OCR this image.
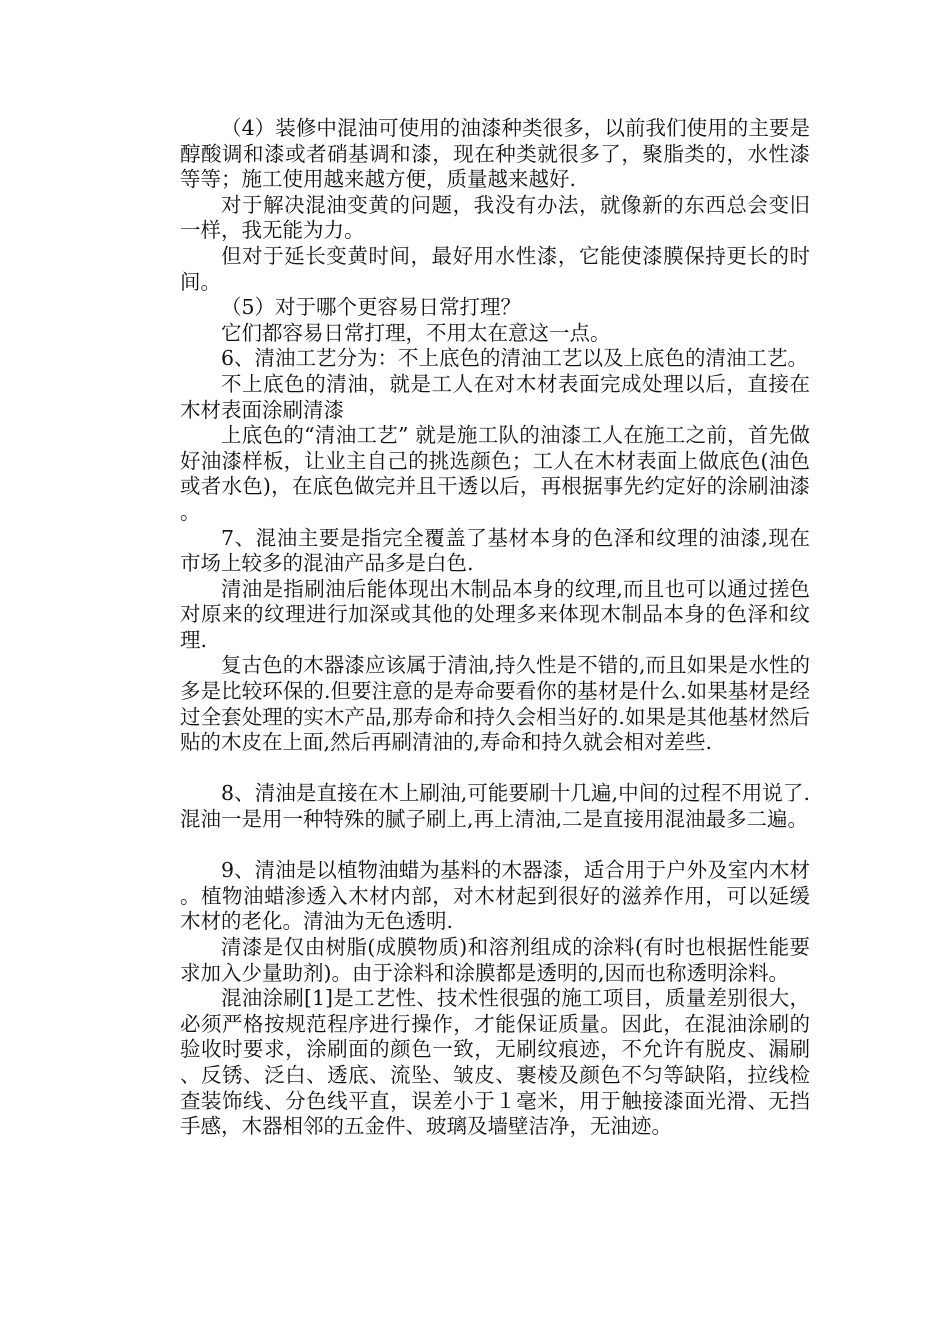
（4）装修中混油可使用的油漆种类很多，以前我们使用的主要是醇酸调和漆或者硝基调和漆，现在种类就很多了，聚脂类的，水性漆等等；施工使用越来越方便，质量越来越好.

对于解决混油变黄的问题，我没有办法，就像新的东西总会变旧一样，我无能为力。

但对于延长变黄时间，最好用水性漆，它能使漆膜保持更长的时间。

（5）对于哪个更容易日常打理？

它们都容易日常打理，不用太在意这一点。

6、清油工艺分为：不上底色的清油工艺以及上底色的清油工艺。

不上底色的清油，就是工人在对木材表面完成处理以后，直接在木材表面涂刷清漆

上底色的“清油工艺” 就是施工队的油漆工人在施工之前，首先做好油漆样板，让业主自己的挑选颜色；工人在木材表面上做底色(油色或者水色)，在底色做完并且干透以后，再根据事先约定好的涂刷油漆。

7、混油主要是指完全覆盖了基材本身的色泽和纹理的油漆,现在市场上较多的混油产品多是白色.

清油是指刷油后能体现出木制品本身的纹理,而且也可以通过搓色对原来的纹理进行加深或其他的处理多来体现木制品本身的色泽和纹理.

复古色的木器漆应该属于清油,持久性是不错的,而且如果是水性的多是比较环保的.但要注意的是寿命要看你的基材是什么.如果基材是经过全套处理的实木产品,那寿命和持久会相当好的.如果是其他基材然后贴的木皮在上面,然后再刷清油的,寿命和持久就会相对差些.

8、清油是直接在木上刷油,可能要刷十几遍,中间的过程不用说了.混油一是用一种特殊的腻子刷上,再上清油,二是直接用混油最多二遍。

9、清油是以植物油蜡为基料的木器漆，适合用于户外及室内木材。植物油蜡渗透入木材内部，对木材起到很好的滋养作用，可以延缓木材的老化。清油为无色透明.

清漆是仅由树脂(成膜物质)和溶剂组成的涂料(有时也根据性能要求加入少量助剂)。由于涂料和涂膜都是透明的,因而也称透明涂料。

混油涂刷[1]是工艺性、技术性很强的施工项目，质量差别很大，必须严格按规范程序进行操作，才能保证质量。因此，在混油涂刷的验收时要求，涂刷面的颜色一致，无刷纹痕迹，不允许有脱皮、漏刷、反锈、泛白、透底、流坠、皱皮、裹棱及颜色不匀等缺陷，拉线检查装饰线、分色线平直，误差小于１毫米，用于触接漆面光滑、无挡手感，木器相邻的五金件、玻璃及墙壁洁净，无油迹。
